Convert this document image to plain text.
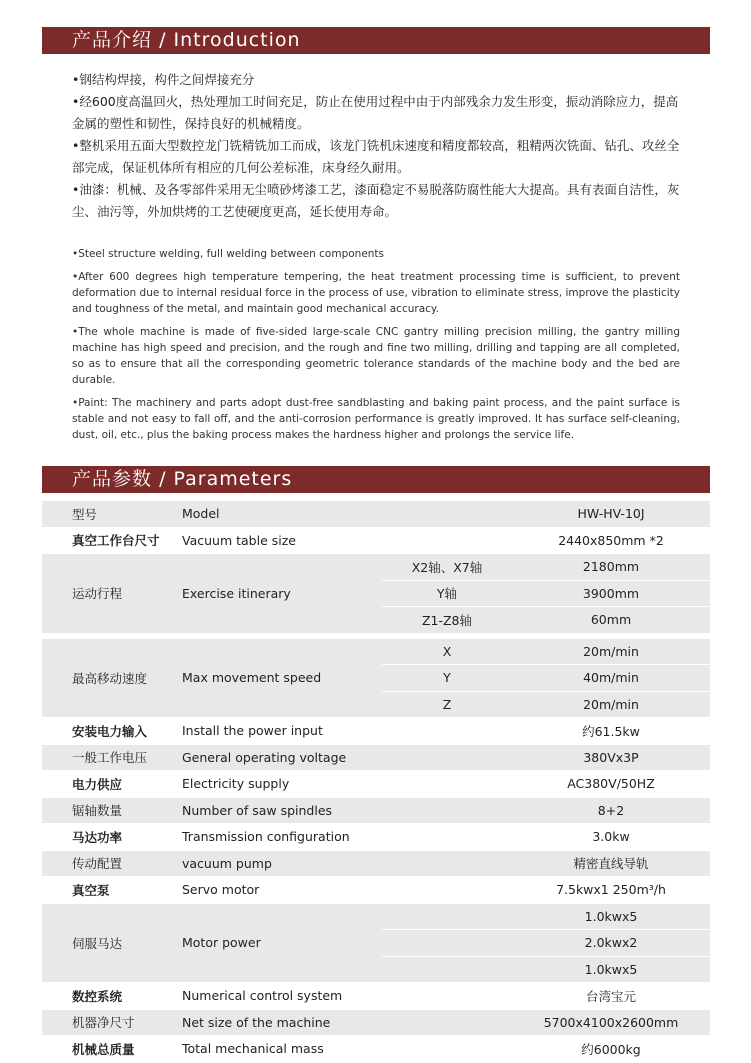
产品介绍 / Introduction

•钢结构焊接，构件之间焊接充分

•经600度高温回火，热处理加工时间充足，防止在使用过程中由于内部残余力发生形变，振动消除应力，提高金属的塑性和韧性，保持良好的机械精度。

•整机采用五面大型数控龙门铣精铣加工而成，该龙门铣机床速度和精度都较高，粗精两次铣面、钻孔、攻丝全部完成，保证机体所有相应的几何公差标准，床身经久耐用。

•油漆：机械、及各零部件采用无尘喷砂烤漆工艺，漆面稳定不易脱落防腐性能大大提高。具有表面自洁性，灰尘、油污等，外加烘烤的工艺使硬度更高，延长使用寿命。

•Steel structure welding, full welding between components

•After 600 degrees high temperature tempering, the heat treatment processing time is sufficient, to prevent deformation due to internal residual force in the process of use, vibration to eliminate stress, improve the plasticity and toughness of the metal, and maintain good mechanical accuracy.

•The whole machine is made of five-sided large-scale CNC gantry milling precision milling, the gantry milling machine has high speed and precision, and the rough and fine two milling, drilling and tapping are all completed, so as to ensure that all the corresponding geometric tolerance standards of the machine body and the bed are durable.

•Paint: The machinery and parts adopt dust-free sandblasting and baking paint process, and the paint surface is stable and not easy to fall off, and the anti-corrosion performance is greatly improved. It has surface self-cleaning, dust, oil, etc., plus the baking process makes the hardness higher and prolongs the service life.

产品参数 / Parameters
型号	Model		HW-HV-10J
真空工作台尺寸	Vacuum table size		2440x850mm *2
运动行程	Exercise itinerary	X2轴、X7轴	2180mm
		Y轴	3900mm
		Z1-Z8轴	60mm

最高移动速度	Max movement speed	X	20m/min
		Y	40m/min
		Z	20m/min
安装电力输入	Install the power input		约61.5kw
一般工作电压	General operating voltage		380Vx3P
电力供应	Electricity supply		AC380V/50HZ
锯轴数量	Number of saw spindles		8+2
马达功率	Transmission configuration		3.0kw
传动配置	vacuum pump		精密直线导轨
真空泵	Servo motor		7.5kwx1 250m³/h
伺服马达	Motor power		1.0kwx5
			2.0kwx2
			1.0kwx5
数控系统	Numerical control system		台湾宝元
机器净尺寸	Net size of the machine		5700x4100x2600mm
机械总质量	Total mechanical mass		约6000kg
